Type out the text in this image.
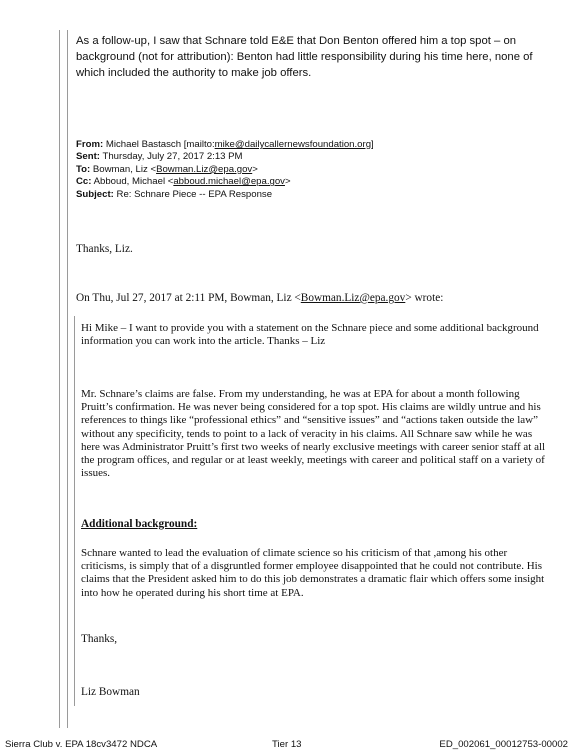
As a follow-up, I saw that Schnare told E&E that Don Benton offered him a top spot – on background (not for attribution): Benton had little responsibility during his time here, none of which included the authority to make job offers.
From: Michael Bastasch [mailto:mike@dailycallernewsfoundation.org]
Sent: Thursday, July 27, 2017 2:13 PM
To: Bowman, Liz <Bowman.Liz@epa.gov>
Cc: Abboud, Michael <abboud.michael@epa.gov>
Subject: Re: Schnare Piece -- EPA Response
Thanks, Liz.
On Thu, Jul 27, 2017 at 2:11 PM, Bowman, Liz <Bowman.Liz@epa.gov> wrote:

Hi Mike – I want to provide you with a statement on the Schnare piece and some additional background information you can work into the article. Thanks – Liz

Mr. Schnare’s claims are false. From my understanding, he was at EPA for about a month following Pruitt’s confirmation. He was never being considered for a top spot. His claims are wildly untrue and his references to things like “professional ethics” and “sensitive issues” and “actions taken outside the law” without any specificity, tends to point to a lack of veracity in his claims. All Schnare saw while he was here was Administrator Pruitt’s first two weeks of nearly exclusive meetings with career senior staff at all the program offices, and regular or at least weekly, meetings with career and political staff on a variety of issues.

Additional background:

Schnare wanted to lead the evaluation of climate science so his criticism of that ,among his other criticisms, is simply that of a disgruntled former employee disappointed that he could not contribute. His claims that the President asked him to do this job demonstrates a dramatic flair which offers some insight into how he operated during his short time at EPA.

Thanks,
Liz Bowman
Sierra Club v. EPA 18cv3472 NDCA	Tier 13	ED_002061_00012753-00002
